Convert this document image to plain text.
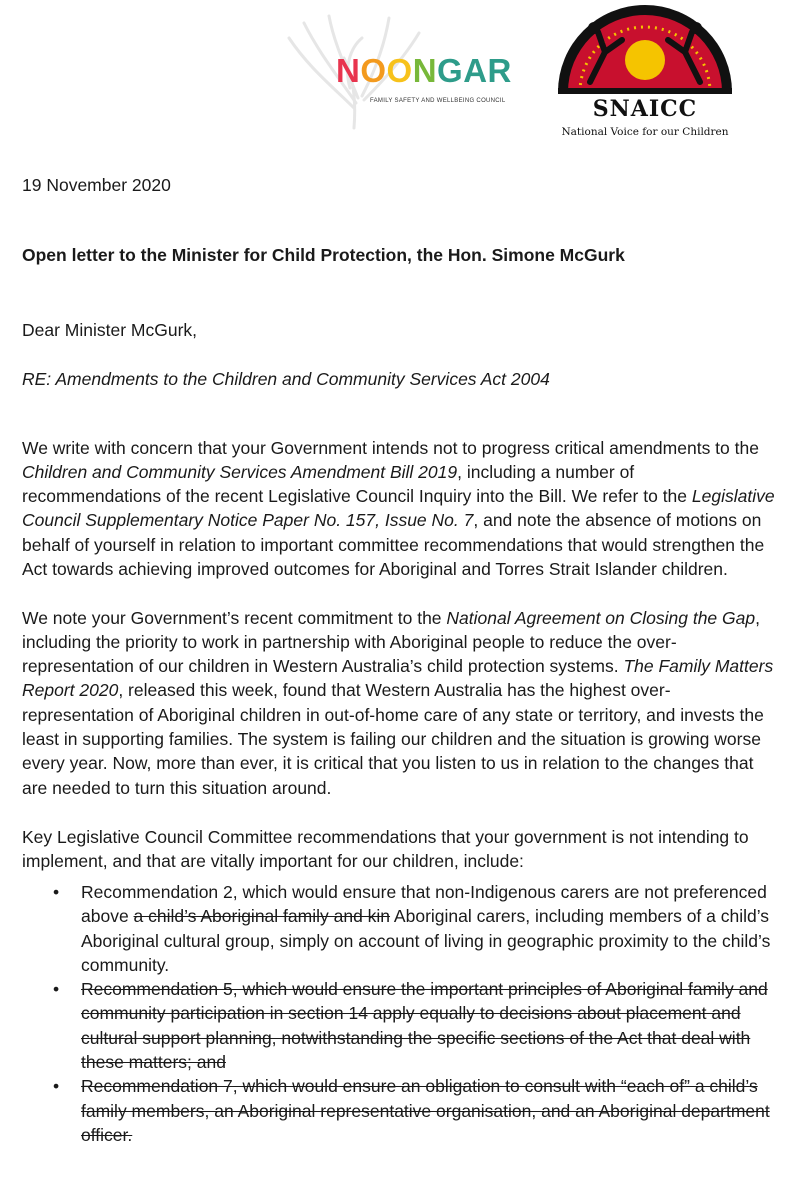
NOONGAR
FAMILY SAFETY AND WELLBEING COUNCIL	SNAICC
National Voice for our Children
19 November 2020
Open letter to the Minister for Child Protection, the Hon. Simone McGurk
Dear Minister McGurk,
RE: Amendments to the Children and Community Services Act 2004

We write with concern that your Government intends not to progress critical amendments to the Children and Community Services Amendment Bill 2019, including a number of recommendations of the recent Legislative Council Inquiry into the Bill. We refer to the Legislative Council Supplementary Notice Paper No. 157, Issue No. 7, and note the absence of motions on behalf of yourself in relation to important committee recommendations that would strengthen the Act towards achieving improved outcomes for Aboriginal and Torres Strait Islander children.

We note your Government’s recent commitment to the National Agreement on Closing the Gap, including the priority to work in partnership with Aboriginal people to reduce the over-representation of our children in Western Australia’s child protection systems. The Family Matters Report 2020, released this week, found that Western Australia has the highest over-representation of Aboriginal children in out-of-home care of any state or territory, and invests the least in supporting families. The system is failing our children and the situation is growing worse every year. Now, more than ever, it is critical that you listen to us in relation to the changes that are needed to turn this situation around.

Key Legislative Council Committee recommendations that your government is not intending to implement, and that are vitally important for our children, include:

• Recommendation 2, which would ensure that non-Indigenous carers are not preferenced above a child’s Aboriginal family and kin Aboriginal carers, including members of a child’s Aboriginal cultural group, simply on account of living in geographic proximity to the child’s community.
• Recommendation 5, which would ensure the important principles of Aboriginal family and community participation in section 14 apply equally to decisions about placement and cultural support planning, notwithstanding the specific sections of the Act that deal with these matters; and
• Recommendation 7, which would ensure an obligation to consult with “each of” a child’s family members, an Aboriginal representative organisation, and an Aboriginal department officer.
